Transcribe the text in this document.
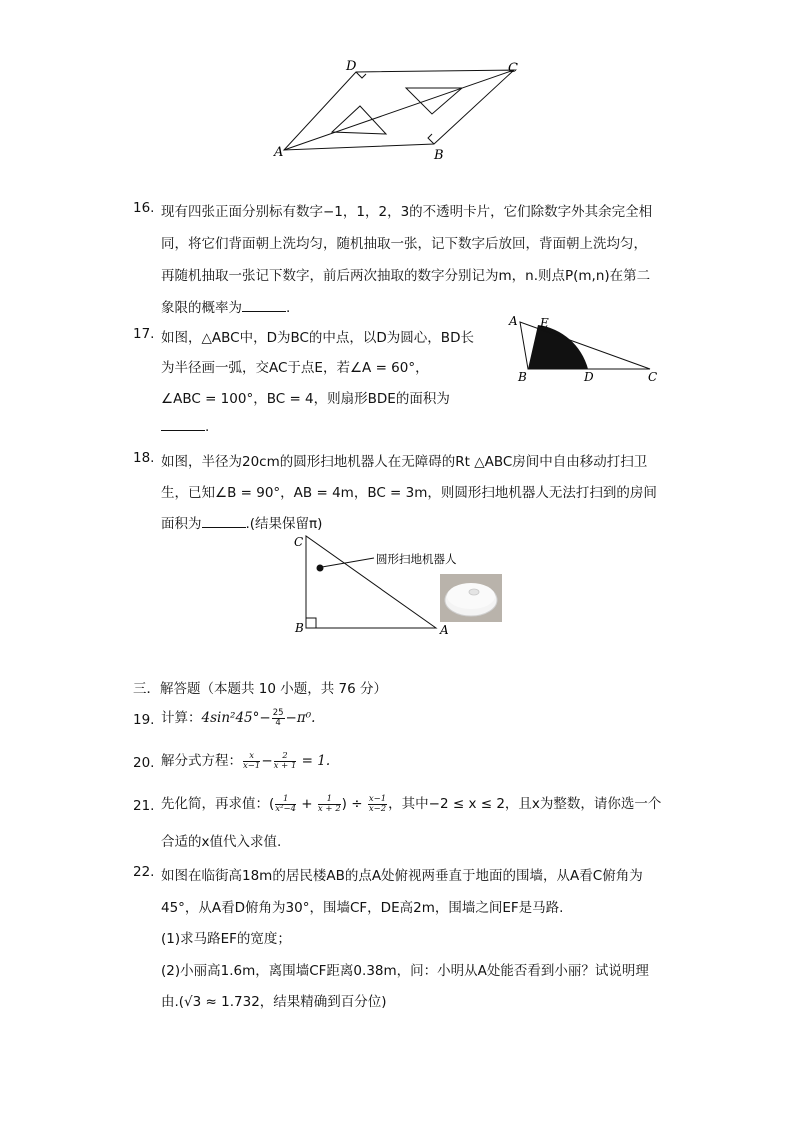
A
D	C
B
16. 现有四张正面分别标有数字−1，1，2，3的不透明卡片，它们除数字外其余完全相
同，将它们背面朝上洗均匀，随机抽取一张，记下数字后放回，背面朝上洗均匀，
再随机抽取一张记下数字，前后两次抽取的数字分别记为m，n.则点P(m,n)在第二
象限的概率为	.
17. 如图，△ABC中，D为BC的中点，以D为圆心，BD长
为半径画一弧，交AC于点E，若∠A = 60°，
∠ABC = 100°，BC = 4，则扇形BDE的面积为
.
A E
B	D	C
18. 如图，半径为20cm的圆形扫地机器人在无障碍的Rt △ABC房间中自由移动打扫卫
生，已知∠B = 90°，AB = 4m，BC = 3m，则圆形扫地机器人无法打扫到的房间
面积为	.(结果保留π)
C
B	A
圆形扫地机器人
三．解答题（本题共 10 小题，共 76 分）
19. 计算：$4\sin^245^\circ- \frac{25}{4} -\pi^0$.
20. 解分式方程： $\frac{x}{x-1} - \frac{2}{x + 1} = 1$.
21. 先化简，再求值：( $\frac{1}{\text{x²−4}} + \frac{1}{x + 2}$ ) ÷ $\frac{x-1}{x-2}$ ，其中−2 ≤ x ≤ 2，且x为整数，请你选一个
合适的x值代入求值.
22. 如图在临街高18m的居民楼AB的点A处俯视两垂直于地面的围墙，从A看C俯角为
45°，从A看D俯角为30°，围墙CF，DE高2m，围墙之间EF是马路.
(1)求马路EF的宽度；
(2)小丽高1.6m，离围墙CF距离0.38m，问：小明从A处能否看到小丽？试说明理
由.(√3 ≈ 1.732，结果精确到百分位)
